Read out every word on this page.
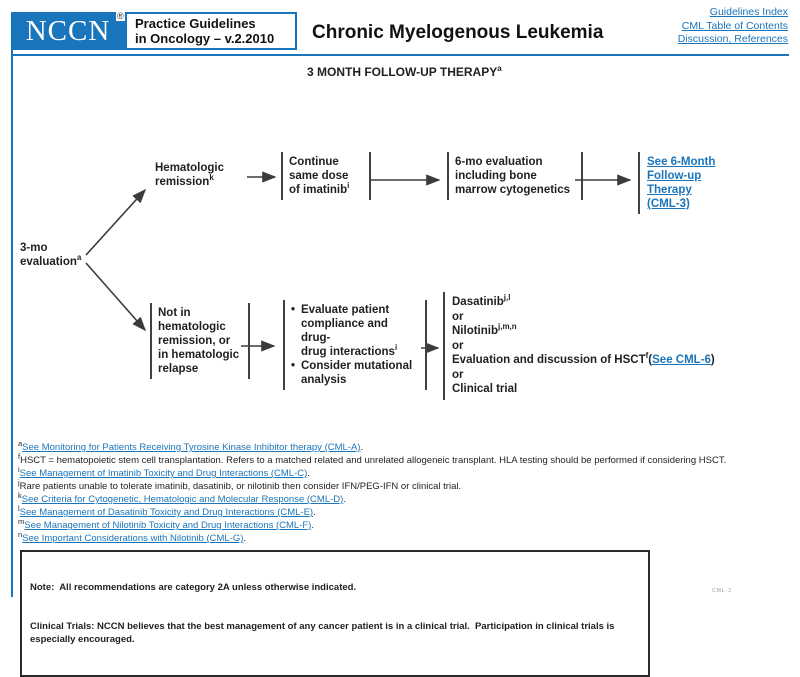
NCCN ® Practice Guidelines
in Oncology – v.2.2010	Chronic Myelogenous Leukemia
Guidelines Index
CML Table of Contents
Discussion, References
3 MONTH FOLLOW-UP THERAPY$^a$
3-mo
evaluation$^a$
Hematologic
remission$^k$
Continue
same dose
of imatinib$^i$
6-mo evaluation
including bone
marrow cytogenetics
See 6-Month
Follow-up
Therapy
(CML-3)
Not in
hematologic
remission, or
in hematologic
relapse
• Evaluate patient
compliance and drug-
drug interactions$^i$
• Consider mutational
analysis
Dasatinib$^{j,l}$
or
Nilotinib$^{j,m,n}$
or
Evaluation and discussion of HSCT$^f$(See CML-6)
or
Clinical trial
$^a$See Monitoring for Patients Receiving Tyrosine Kinase Inhibitor therapy (CML-A).
$^f$HSCT = hematopoietic stem cell transplantation. Refers to a matched related and unrelated allogeneic transplant. HLA testing should be performed if considering HSCT.
$^i$See Management of Imatinib Toxicity and Drug Interactions (CML-C).
$^j$Rare patients unable to tolerate imatinib, dasatinib, or nilotinib then consider IFN/PEG-IFN or clinical trial.
$^k$See Criteria for Cytogenetic, Hematologic and Molecular Response (CML-D).
$^l$See Management of Dasatinib Toxicity and Drug Interactions (CML-E).
$^m$See Management of Nilotinib Toxicity and Drug Interactions (CML-F).
$^n$See Important Considerations with Nilotinib (CML-G).

Note:  All recommendations are category 2A unless otherwise indicated.

Clinical Trials: NCCN believes that the best management of any cancer patient is in a clinical trial.  Participation in clinical trials is especially encouraged.

CML-2
